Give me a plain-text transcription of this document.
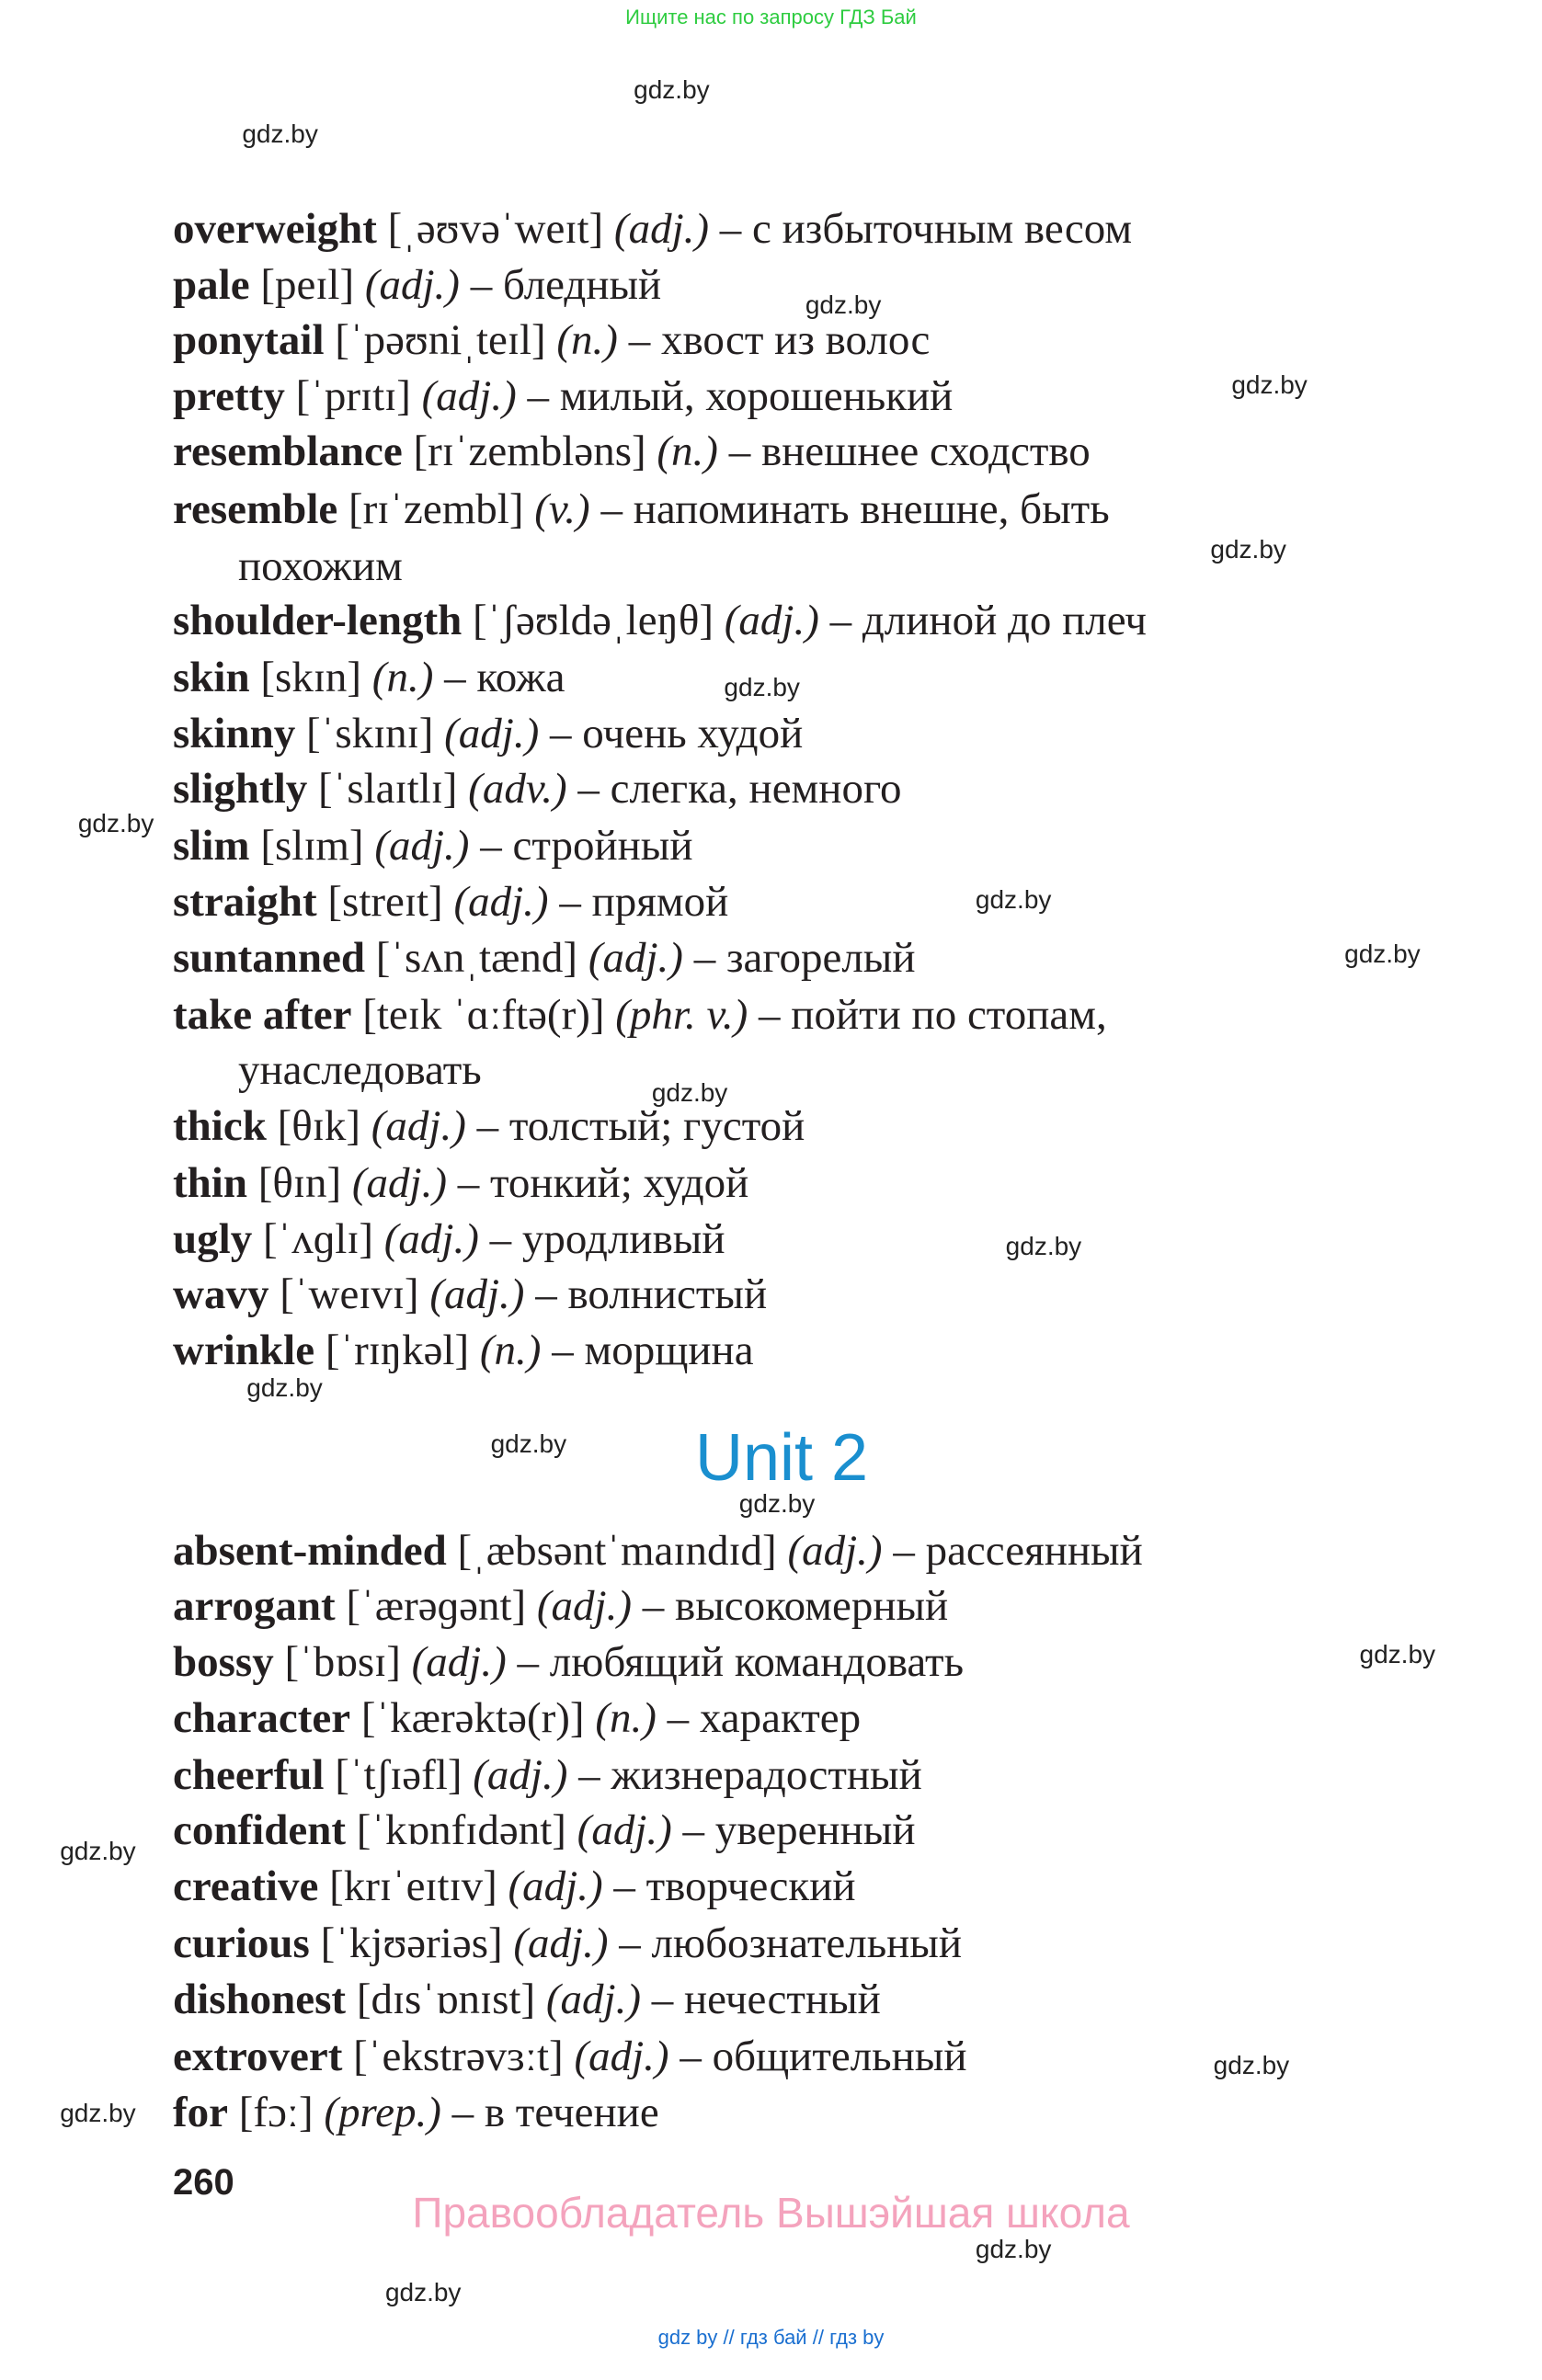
Ищите нас по запросу ГДЗ Бай
overweight [ˌəʊvəˈweɪt] (adj.) – с избыточным весом
pale [peɪl] (adj.) – бледный
ponytail [ˈpəʊniˌteɪl] (n.) – хвост из волос
pretty [ˈprɪtɪ] (adj.) – милый, хорошенький
resemblance [rɪˈzembləns] (n.) – внешнее сходство
resemble [rɪˈzembl] (v.) – напоминать внешне, быть
похожим
shoulder-length [ˈʃəʊldəˌleŋθ] (adj.) – длиной до плеч
skin [skɪn] (n.) – кожа
skinny [ˈskɪnɪ] (adj.) – очень худой
slightly [ˈslaɪtlɪ] (adv.) – слегка, немного
slim [slɪm] (adj.) – стройный
straight [streɪt] (adj.) – прямой
suntanned [ˈsʌnˌtænd] (adj.) – загорелый
take after [teɪk ˈɑːftə(r)] (phr. v.) – пойти по стопам,
унаследовать
thick [θɪk] (adj.) – толстый; густой
thin [θɪn] (adj.) – тонкий; худой
ugly [ˈʌɡlɪ] (adj.) – уродливый
wavy [ˈweɪvɪ] (adj.) – волнистый
wrinkle [ˈrɪŋkəl] (n.) – морщина
absent-minded [ˌæbsəntˈmaɪndɪd] (adj.) – рассеянный
arrogant [ˈærəɡənt] (adj.) – высокомерный
bossy [ˈbɒsɪ] (adj.) – любящий командовать
character [ˈkærəktə(r)] (n.) – характер
cheerful [ˈtʃɪəfl] (adj.) – жизнерадостный
confident [ˈkɒnfɪdənt] (adj.) – уверенный
creative [krɪˈeɪtɪv] (adj.) – творческий
curious [ˈkjʊəriəs] (adj.) – любознательный
dishonest [dɪsˈɒnɪst] (adj.) – нечестный
extrovert [ˈekstrəvɜːt] (adj.) – общительный
for [fɔː] (prep.) – в течение
Unit 2
260
Правообладатель Вышэйшая школа
gdz by // гдз бай // гдз by
gdz.by
gdz.by
gdz.by
gdz.by
gdz.by
gdz.by
gdz.by
gdz.by
gdz.by
gdz.by
gdz.by
gdz.by
gdz.by
gdz.by
gdz.by
gdz.by
gdz.by
gdz.by
gdz.by
gdz.by
